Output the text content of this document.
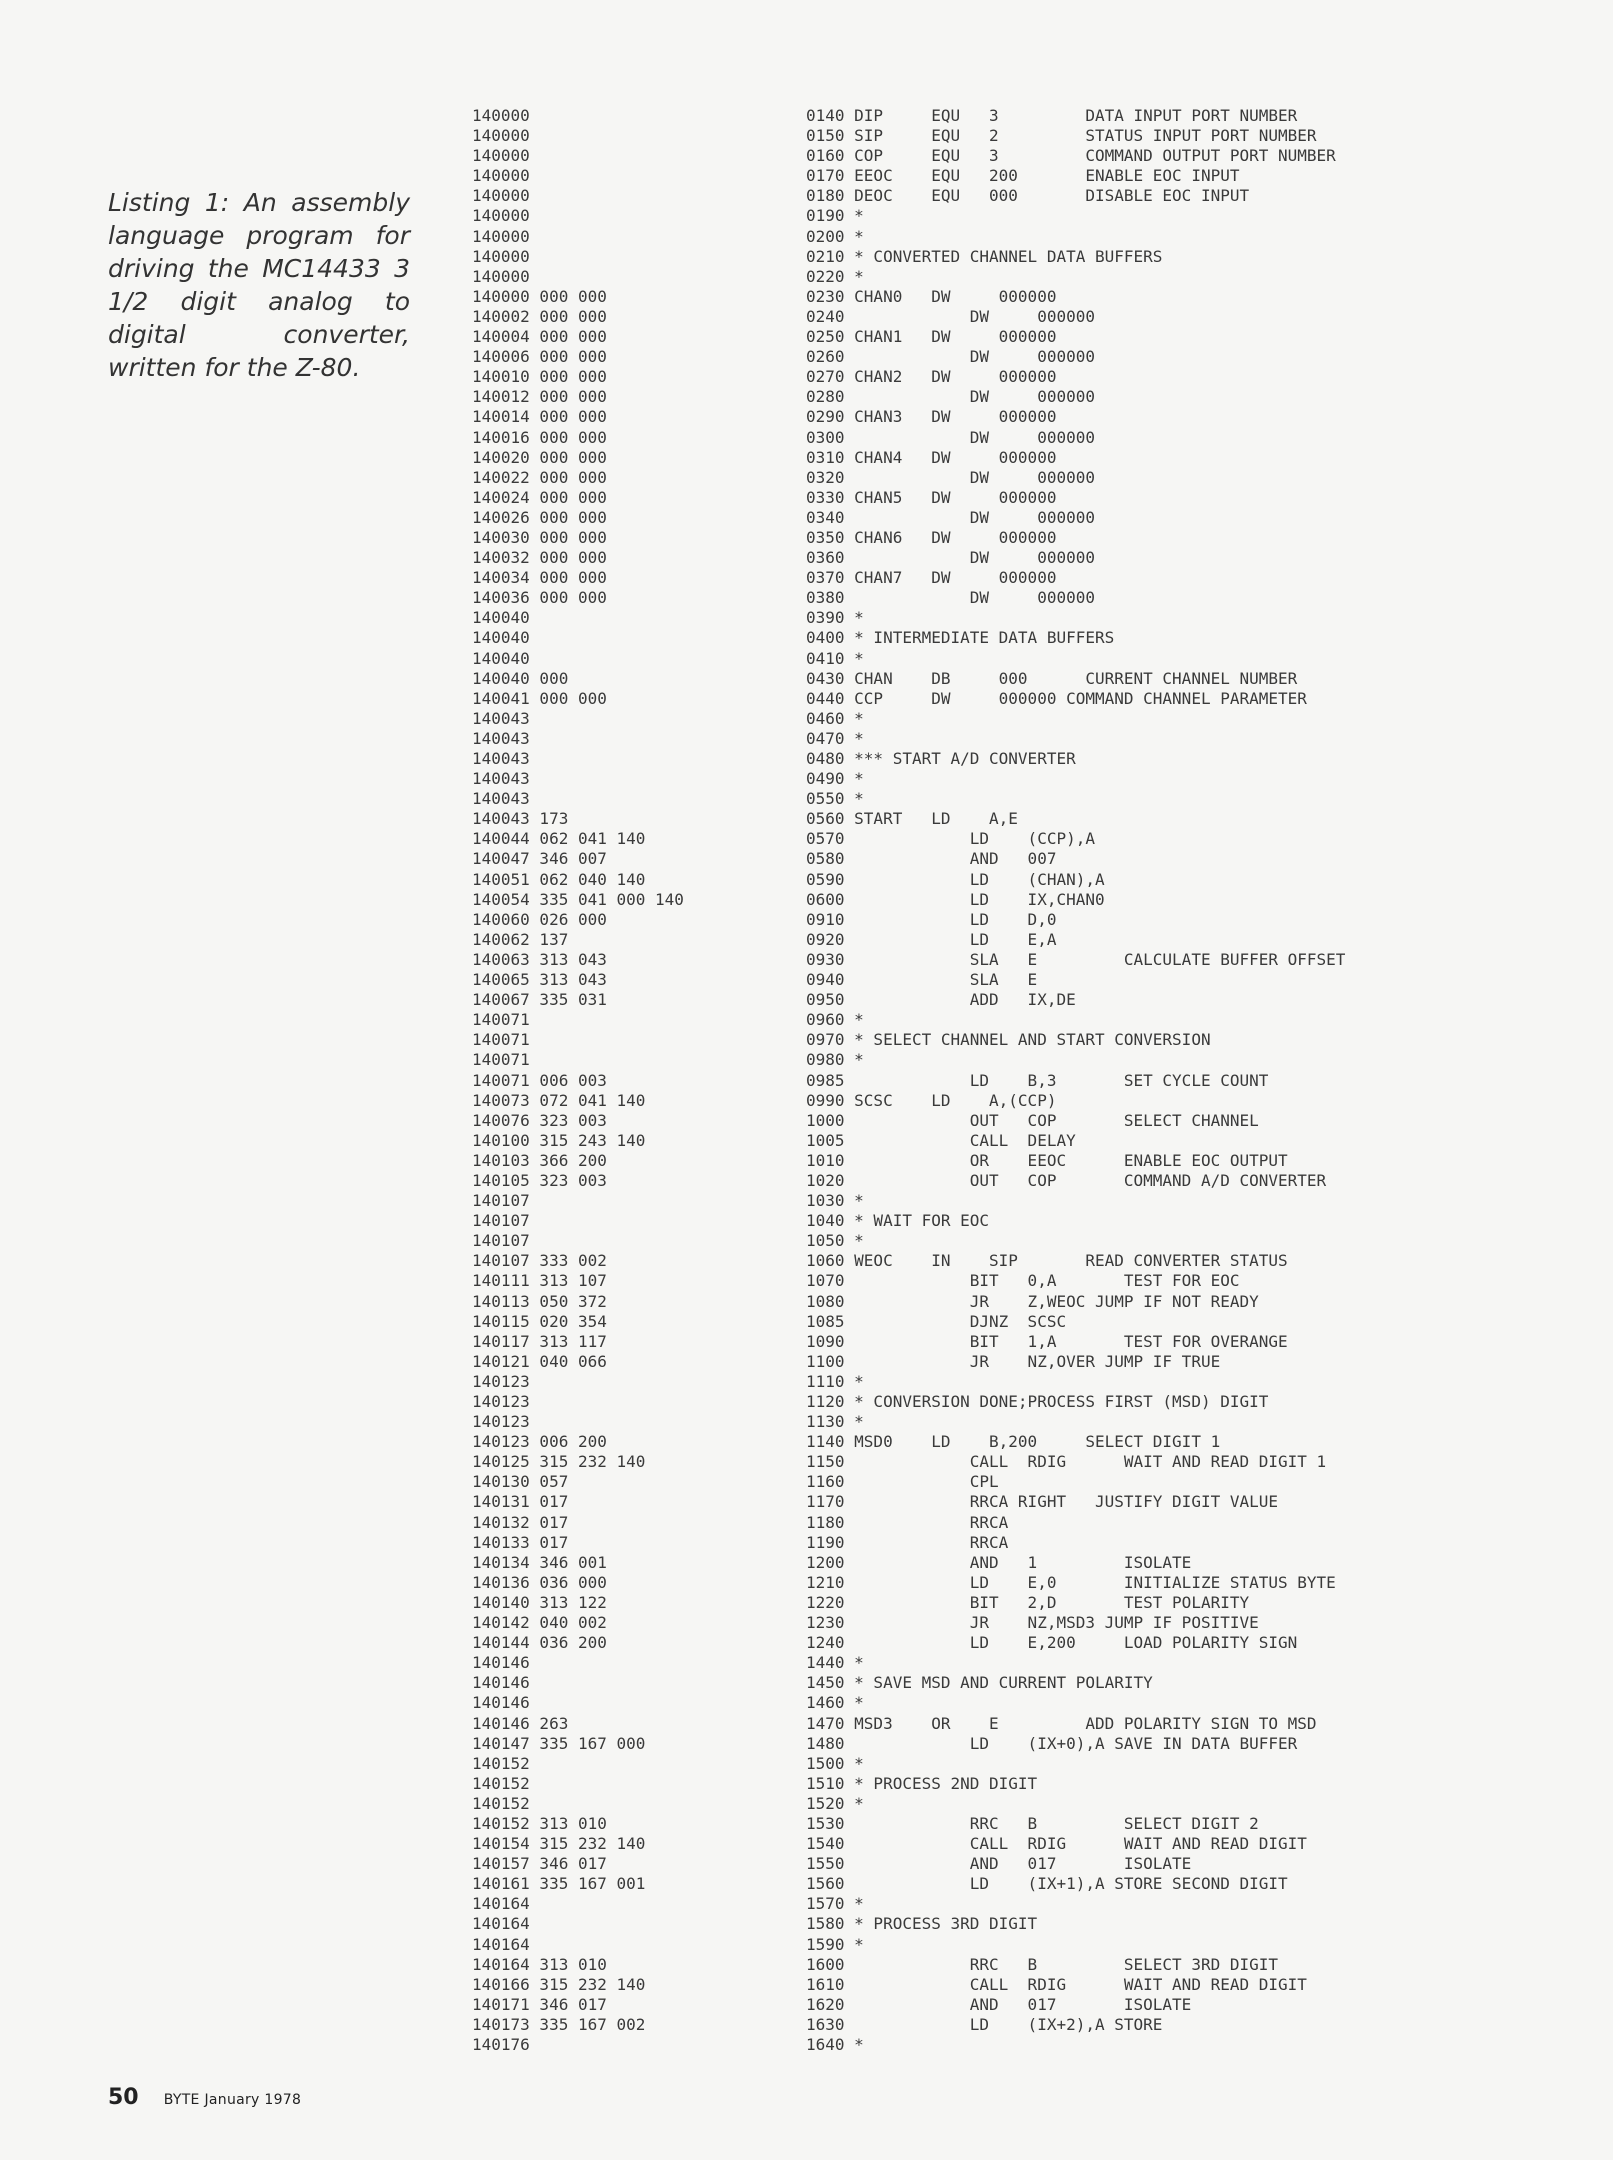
Listing 1: An assembly language program for driving the MC14433 3 1/2 digit analog to digital converter, written for the Z-80.
140000	0140 DIP     EQU   3         DATA INPUT PORT NUMBER
140000	0150 SIP     EQU   2         STATUS INPUT PORT NUMBER
140000	0160 COP     EQU   3         COMMAND OUTPUT PORT NUMBER
140000	0170 EEOC    EQU   200       ENABLE EOC INPUT
140000	0180 DEOC    EQU   000       DISABLE EOC INPUT
140000	0190 *
140000	0200 *
140000	0210 * CONVERTED CHANNEL DATA BUFFERS
140000	0220 *
140000 000 000	0230 CHAN0   DW     000000
140002 000 000	0240             DW     000000
140004 000 000	0250 CHAN1   DW     000000
140006 000 000	0260             DW     000000
140010 000 000	0270 CHAN2   DW     000000
140012 000 000	0280             DW     000000
140014 000 000	0290 CHAN3   DW     000000
140016 000 000	0300             DW     000000
140020 000 000	0310 CHAN4   DW     000000
140022 000 000	0320             DW     000000
140024 000 000	0330 CHAN5   DW     000000
140026 000 000	0340             DW     000000
140030 000 000	0350 CHAN6   DW     000000
140032 000 000	0360             DW     000000
140034 000 000	0370 CHAN7   DW     000000
140036 000 000	0380             DW     000000
140040	0390 *
140040	0400 * INTERMEDIATE DATA BUFFERS
140040	0410 *
140040 000	0430 CHAN    DB     000      CURRENT CHANNEL NUMBER
140041 000 000	0440 CCP     DW     000000 COMMAND CHANNEL PARAMETER
140043	0460 *
140043	0470 *
140043	0480 *** START A/D CONVERTER
140043	0490 *
140043	0550 *
140043 173	0560 START   LD    A,E
140044 062 041 140	0570             LD    (CCP),A
140047 346 007	0580             AND   007
140051 062 040 140	0590             LD    (CHAN),A
140054 335 041 000 140	0600             LD    IX,CHAN0
140060 026 000	0910             LD    D,0
140062 137	0920             LD    E,A
140063 313 043	0930             SLA   E         CALCULATE BUFFER OFFSET
140065 313 043	0940             SLA   E
140067 335 031	0950             ADD   IX,DE
140071	0960 *
140071	0970 * SELECT CHANNEL AND START CONVERSION
140071	0980 *
140071 006 003	0985             LD    B,3       SET CYCLE COUNT
140073 072 041 140	0990 SCSC    LD    A,(CCP)
140076 323 003	1000             OUT   COP       SELECT CHANNEL
140100 315 243 140	1005             CALL  DELAY
140103 366 200	1010             OR    EEOC      ENABLE EOC OUTPUT
140105 323 003	1020             OUT   COP       COMMAND A/D CONVERTER
140107	1030 *
140107	1040 * WAIT FOR EOC
140107	1050 *
140107 333 002	1060 WEOC    IN    SIP       READ CONVERTER STATUS
140111 313 107	1070             BIT   0,A       TEST FOR EOC
140113 050 372	1080             JR    Z,WEOC JUMP IF NOT READY
140115 020 354	1085             DJNZ  SCSC
140117 313 117	1090             BIT   1,A       TEST FOR OVERANGE
140121 040 066	1100             JR    NZ,OVER JUMP IF TRUE
140123	1110 *
140123	1120 * CONVERSION DONE;PROCESS FIRST (MSD) DIGIT
140123	1130 *
140123 006 200	1140 MSD0    LD    B,200     SELECT DIGIT 1
140125 315 232 140	1150             CALL  RDIG      WAIT AND READ DIGIT 1
140130 057	1160             CPL
140131 017	1170             RRCA RIGHT   JUSTIFY DIGIT VALUE
140132 017	1180             RRCA
140133 017	1190             RRCA
140134 346 001	1200             AND   1         ISOLATE
140136 036 000	1210             LD    E,0       INITIALIZE STATUS BYTE
140140 313 122	1220             BIT   2,D       TEST POLARITY
140142 040 002	1230             JR    NZ,MSD3 JUMP IF POSITIVE
140144 036 200	1240             LD    E,200     LOAD POLARITY SIGN
140146	1440 *
140146	1450 * SAVE MSD AND CURRENT POLARITY
140146	1460 *
140146 263	1470 MSD3    OR    E         ADD POLARITY SIGN TO MSD
140147 335 167 000	1480             LD    (IX+0),A SAVE IN DATA BUFFER
140152	1500 *
140152	1510 * PROCESS 2ND DIGIT
140152	1520 *
140152 313 010	1530             RRC   B         SELECT DIGIT 2
140154 315 232 140	1540             CALL  RDIG      WAIT AND READ DIGIT
140157 346 017	1550             AND   017       ISOLATE
140161 335 167 001	1560             LD    (IX+1),A STORE SECOND DIGIT
140164	1570 *
140164	1580 * PROCESS 3RD DIGIT
140164	1590 *
140164 313 010	1600             RRC   B         SELECT 3RD DIGIT
140166 315 232 140	1610             CALL  RDIG      WAIT AND READ DIGIT
140171 346 017	1620             AND   017       ISOLATE
140173 335 167 002	1630             LD    (IX+2),A STORE
140176	1640 *
50 BYTE January 1978
